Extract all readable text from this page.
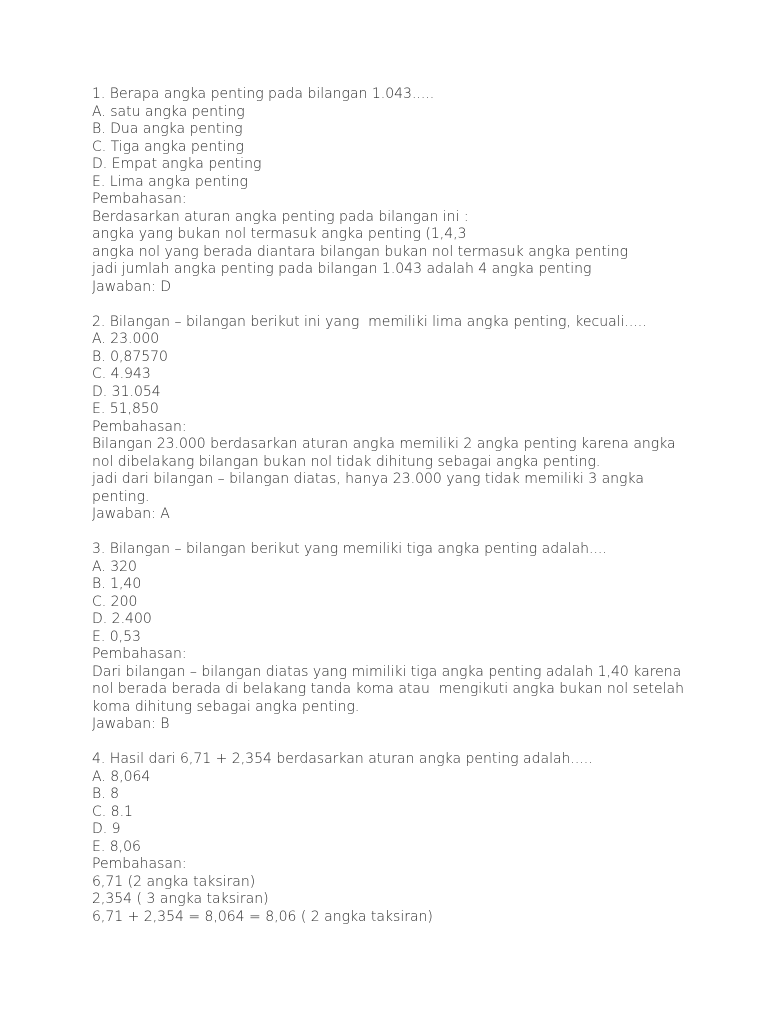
1. Berapa angka penting pada bilangan 1.043.....

A. satu angka penting

B. Dua angka penting

C. Tiga angka penting

D. Empat angka penting

E. Lima angka penting

Pembahasan:

Berdasarkan aturan angka penting pada bilangan ini :

angka yang bukan nol termasuk angka penting (1,4,3

angka nol yang berada diantara bilangan bukan nol termasuk angka penting

jadi jumlah angka penting pada bilangan 1.043 adalah 4 angka penting

Jawaban: D

2. Bilangan – bilangan berikut ini yang  memiliki lima angka penting, kecuali.....

A. 23.000

B. 0,87570

C. 4.943

D. 31.054

E. 51,850

Pembahasan:

Bilangan 23.000 berdasarkan aturan angka memiliki 2 angka penting karena angka

nol dibelakang bilangan bukan nol tidak dihitung sebagai angka penting.

jadi dari bilangan – bilangan diatas, hanya 23.000 yang tidak memiliki 3 angka

penting.

Jawaban: A

3. Bilangan – bilangan berikut yang memiliki tiga angka penting adalah....

A. 320

B. 1,40

C. 200

D. 2.400

E. 0,53

Pembahasan:

Dari bilangan – bilangan diatas yang mimiliki tiga angka penting adalah 1,40 karena

nol berada berada di belakang tanda koma atau  mengikuti angka bukan nol setelah

koma dihitung sebagai angka penting.

Jawaban: B

4. Hasil dari 6,71 + 2,354 berdasarkan aturan angka penting adalah.....

A. 8,064

B. 8

C. 8.1

D. 9

E. 8,06

Pembahasan:

6,71 (2 angka taksiran)

2,354 ( 3 angka taksiran)

6,71 + 2,354 = 8,064 = 8,06 ( 2 angka taksiran)
